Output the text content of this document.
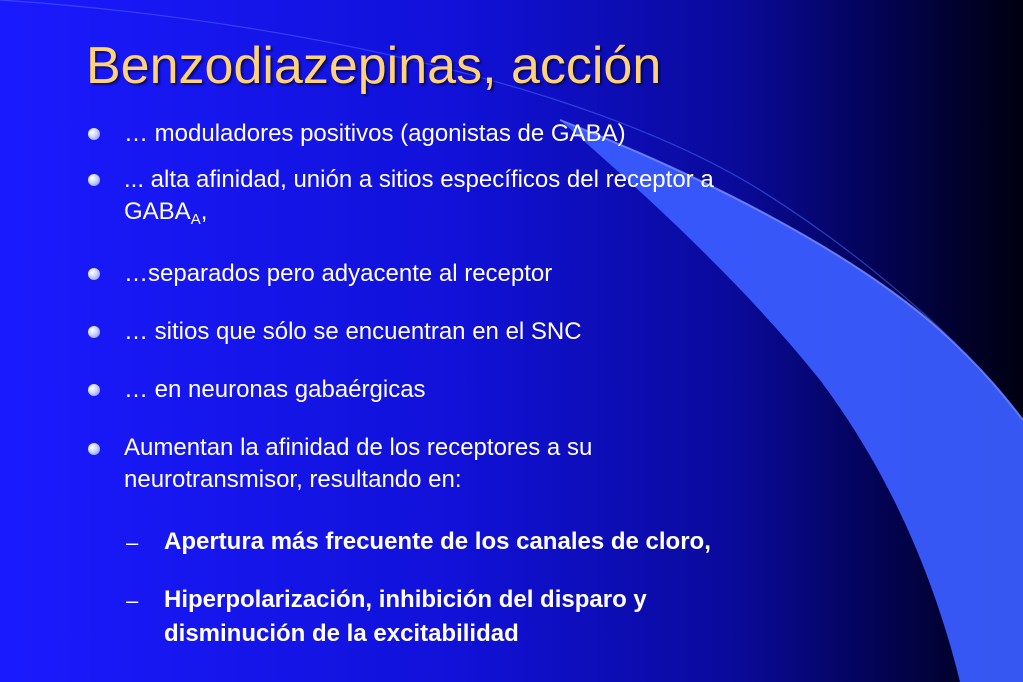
Benzodiazepinas, acción

… moduladores positivos (agonistas de GABA)

... alta afinidad, unión a sitios específicos del receptor a
$GABA_A$,

…separados pero adyacente al receptor

… sitios que sólo se encuentran en el SNC

… en neuronas gabaérgicas

Aumentan la afinidad de los receptores a su
neurotransmisor, resultando en:

– Apertura más frecuente de los canales de cloro,

– Hiperpolarización, inhibición del disparo y
disminución de la excitabilidad
